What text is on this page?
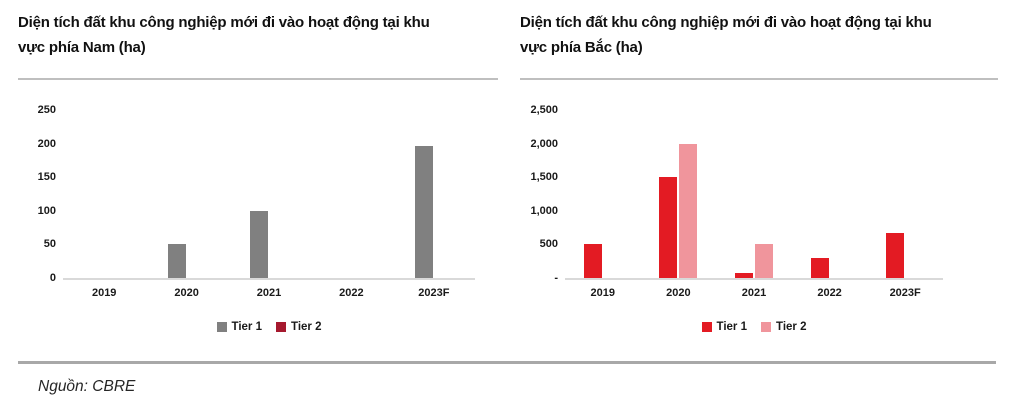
Diện tích đất khu công nghiệp mới đi vào hoạt động tại khu
vực phía Nam (ha)
0
50
100
150
200
250
2019	2020	2021	2022	2023F
Tier 1	Tier 2
Diện tích đất khu công nghiệp mới đi vào hoạt động tại khu
vực phía Bắc (ha)
-
500
1,000
1,500
2,000
2,500
2019	2020	2021	2022	2023F
Tier 1	Tier 2
Nguồn: CBRE
